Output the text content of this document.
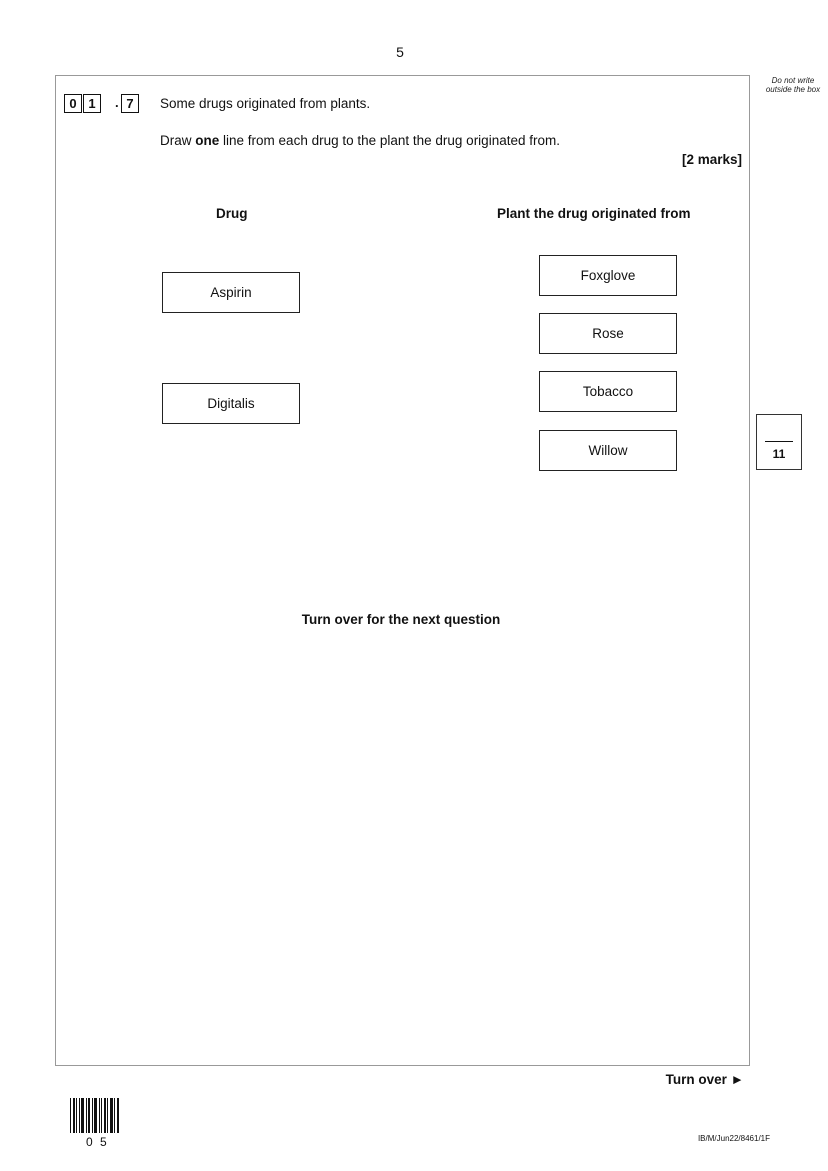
5
Do not write outside the box
0 1	. 7	Some drugs originated from plants.
Draw one line from each drug to the plant the drug originated from.
[2 marks]
Drug	Plant the drug originated from
Aspirin
Digitalis
Foxglove
Rose
Tobacco
Willow	11
Turn over for the next question
Turn over ►
0 5	IB/M/Jun22/8461/1F
